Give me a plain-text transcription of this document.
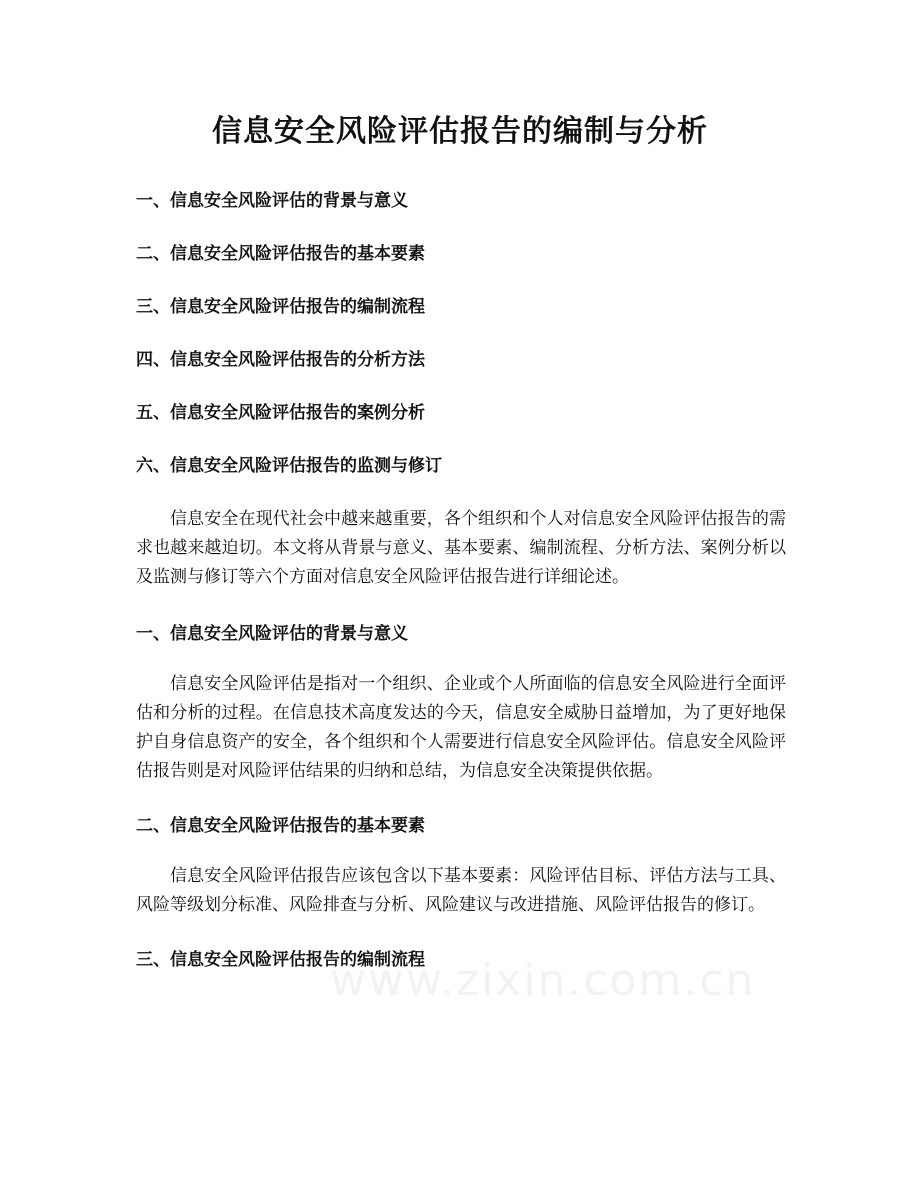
信息安全风险评估报告的编制与分析
一、信息安全风险评估的背景与意义
二、信息安全风险评估报告的基本要素
三、信息安全风险评估报告的编制流程
四、信息安全风险评估报告的分析方法
五、信息安全风险评估报告的案例分析
六、信息安全风险评估报告的监测与修订

信息安全在现代社会中越来越重要，各个组织和个人对信息安全风险评估报告的需求也越来越迫切。本文将从背景与意义、基本要素、编制流程、分析方法、案例分析以及监测与修订等六个方面对信息安全风险评估报告进行详细论述。

一、信息安全风险评估的背景与意义

信息安全风险评估是指对一个组织、企业或个人所面临的信息安全风险进行全面评估和分析的过程。在信息技术高度发达的今天，信息安全威胁日益增加，为了更好地保护自身信息资产的安全，各个组织和个人需要进行信息安全风险评估。信息安全风险评估报告则是对风险评估结果的归纳和总结，为信息安全决策提供依据。

二、信息安全风险评估报告的基本要素

信息安全风险评估报告应该包含以下基本要素：风险评估目标、评估方法与工具、风险等级划分标准、风险排查与分析、风险建议与改进措施、风险评估报告的修订。

三、信息安全风险评估报告的编制流程
www.zixin.com.cn
